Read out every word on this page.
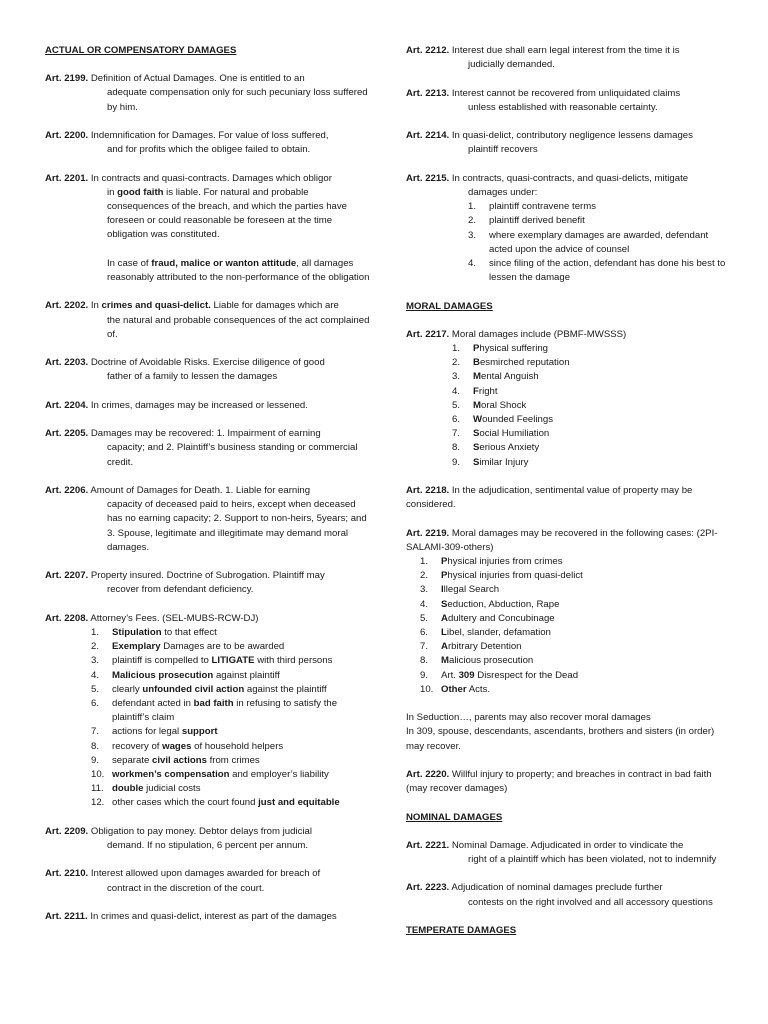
ACTUAL OR COMPENSATORY DAMAGES
Art. 2199. Definition of Actual Damages. One is entitled to an
adequate compensation only for such pecuniary loss suffered by him.
Art. 2200. Indemnification for Damages. For value of loss suffered,
and for profits which the obligee failed to obtain.
Art. 2201. In contracts and quasi-contracts. Damages which obligor
in good faith is liable. For natural and probable consequences of the breach, and which the parties have foreseen or could reasonable be foreseen at the time obligation was constituted.
In case of fraud, malice or wanton attitude, all damages reasonably attributed to the non-performance of the obligation
Art. 2202. In crimes and quasi-delict. Liable for damages which are
the natural and probable consequences of the act complained of.
Art. 2203. Doctrine of Avoidable Risks. Exercise diligence of good
father of a family to lessen the damages
Art. 2204. In crimes, damages may be increased or lessened.
Art. 2205. Damages may be recovered: 1. Impairment of earning
capacity; and 2. Plaintiff’s business standing or commercial credit.
Art. 2206. Amount of Damages for Death. 1. Liable for earning
capacity of deceased paid to heirs, except when deceased has no earning capacity; 2. Support to non-heirs, 5years; and 3. Spouse, legitimate and illegitimate may demand moral damages.
Art. 2207. Property insured. Doctrine of Subrogation. Plaintiff may
recover from defendant deficiency.
Art. 2208. Attorney’s Fees. (SEL-MUBS-RCW-DJ)
1. Stipulation to that effect
2. Exemplary Damages are to be awarded
3. plaintiff is compelled to LITIGATE with third persons
4. Malicious prosecution against plaintiff
5. clearly unfounded civil action against the plaintiff
6. defendant acted in bad faith in refusing to satisfy the plaintiff’s claim
7. actions for legal support
8. recovery of wages of household helpers
9. separate civil actions from crimes
10. workmen’s compensation and employer’s liability
11. double judicial costs
12. other cases which the court found just and equitable
Art. 2209. Obligation to pay money. Debtor delays from judicial
demand. If no stipulation, 6 percent per annum.
Art. 2210. Interest allowed upon damages awarded for breach of
contract in the discretion of the court.
Art. 2211. In crimes and quasi-delict, interest as part of the damages
Art. 2212. Interest due shall earn legal interest from the time it is
judicially demanded.
Art. 2213. Interest cannot be recovered from unliquidated claims
unless established with reasonable certainty.
Art. 2214. In quasi-delict, contributory negligence lessens damages
plaintiff recovers
Art. 2215. In contracts, quasi-contracts, and quasi-delicts, mitigate
damages under:
1. plaintiff contravene terms
2. plaintiff derived benefit
3. where exemplary damages are awarded, defendant acted upon the advice of counsel
4. since filing of the action, defendant has done his best to lessen the damage
MORAL DAMAGES
Art. 2217. Moral damages include (PBMF-MWSSS)
1. Physical suffering
2. Besmirched reputation
3. Mental Anguish
4. Fright
5. Moral Shock
6. Wounded Feelings
7. Social Humiliation
8. Serious Anxiety
9. Similar Injury
Art. 2218. In the adjudication, sentimental value of property may be considered.
Art. 2219. Moral damages may be recovered in the following cases: (2PI-SALAMI-309-others)
1. Physical injuries from crimes
2. Physical injuries from quasi-delict
3. Illegal Search
4. Seduction, Abduction, Rape
5. Adultery and Concubinage
6. Libel, slander, defamation
7. Arbitrary Detention
8. Malicious prosecution
9. Art. 309 Disrespect for the Dead
10. Other Acts.
In Seduction…, parents may also recover moral damages
In 309, spouse, descendants, ascendants, brothers and sisters (in order) may recover.
Art. 2220. Willful injury to property; and breaches in contract in bad faith (may recover damages)
NOMINAL DAMAGES
Art. 2221. Nominal Damage. Adjudicated in order to vindicate the
right of a plaintiff which has been violated, not to indemnify
Art. 2223. Adjudication of nominal damages preclude further
contests on the right involved and all accessory questions
TEMPERATE DAMAGES
